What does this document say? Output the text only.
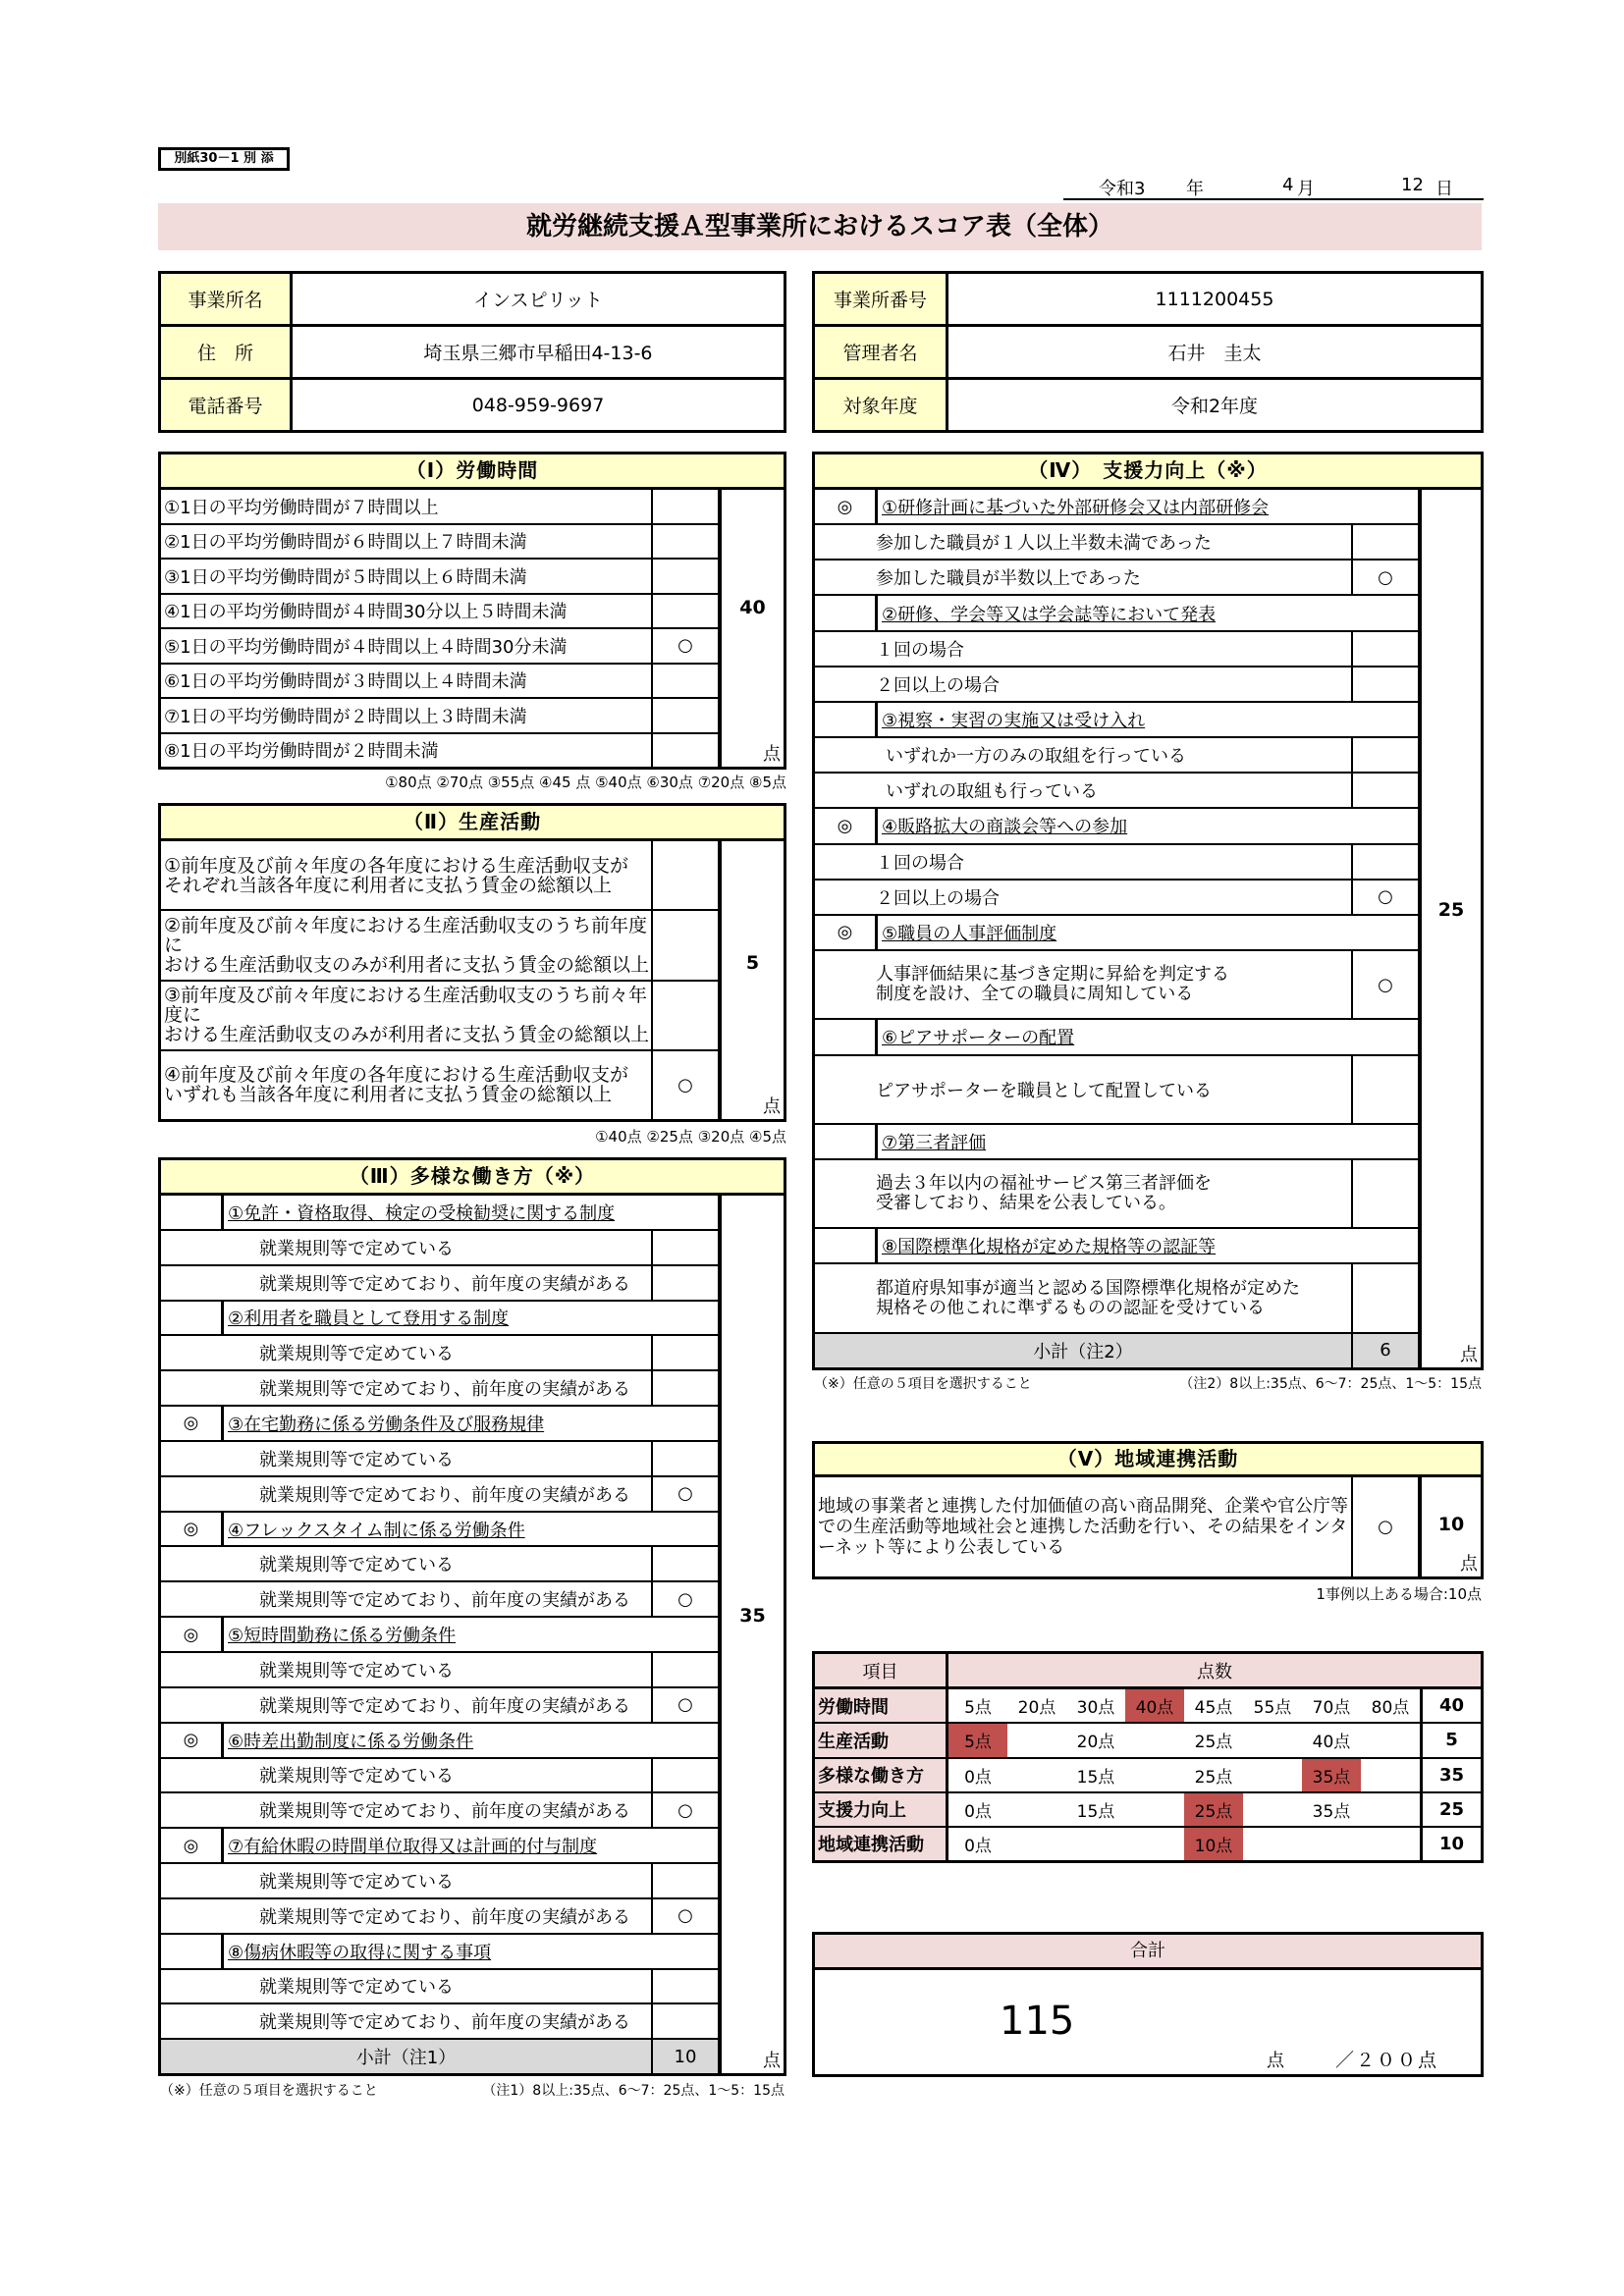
別紙30－1 別 添
令和3 年	4 月	12 日
就労継続支援Ａ型事業所におけるスコア表（全体）
事業所名	インスピリット
住　所	埼玉県三郷市早稲田4-13-6
電話番号	048-959-9697
事業所番号	1111200455
管理者名	石井　圭太
対象年度	令和2年度
（Ⅰ）労働時間
①1日の平均労働時間が７時間以上
②1日の平均労働時間が６時間以上７時間未満
③1日の平均労働時間が５時間以上６時間未満
④1日の平均労働時間が４時間30分以上５時間未満
⑤1日の平均労働時間が４時間以上４時間30分未満	○
⑥1日の平均労働時間が３時間以上４時間未満
⑦1日の平均労働時間が２時間以上３時間未満
⑧1日の平均労働時間が２時間未満
40
点
①80点 ②70点 ③55点 ④45 点 ⑤40点 ⑥30点 ⑦20点 ⑧5点
（Ⅱ）生産活動
①前年度及び前々年度の各年度における生産活動収支が
それぞれ当該各年度に利用者に支払う賃金の総額以上
②前年度及び前々年度における生産活動収支のうち前年度に
おける生産活動収支のみが利用者に支払う賃金の総額以上
③前年度及び前々年度における生産活動収支のうち前々年度に
おける生産活動収支のみが利用者に支払う賃金の総額以上
④前年度及び前々年度の各年度における生産活動収支が
いずれも当該各年度に利用者に支払う賃金の総額以上	○
5
点
①40点 ②25点 ③20点 ④5点
（Ⅲ）多様な働き方（※）
①免許・資格取得、検定の受検勧奨に関する制度
就業規則等で定めている
就業規則等で定めており、前年度の実績がある
②利用者を職員として登用する制度
就業規則等で定めている
就業規則等で定めており、前年度の実績がある
◎	③在宅勤務に係る労働条件及び服務規律
就業規則等で定めている
就業規則等で定めており、前年度の実績がある	○
◎	④フレックスタイム制に係る労働条件
就業規則等で定めている
就業規則等で定めており、前年度の実績がある	○
◎	⑤短時間勤務に係る労働条件
就業規則等で定めている
就業規則等で定めており、前年度の実績がある	○
◎	⑥時差出勤制度に係る労働条件
就業規則等で定めている
就業規則等で定めており、前年度の実績がある	○
◎	⑦有給休暇の時間単位取得又は計画的付与制度
就業規則等で定めている
就業規則等で定めており、前年度の実績がある	○
⑧傷病休暇等の取得に関する事項
就業規則等で定めている
就業規則等で定めており、前年度の実績がある
小計（注1）	10
35
点
（※）任意の５項目を選択すること	（注1）8以上:35点、6～7：25点、1～5：15点
（Ⅳ）　支援力向上（※）
◎	①研修計画に基づいた外部研修会又は内部研修会
参加した職員が１人以上半数未満であった
参加した職員が半数以上であった	○
②研修、学会等又は学会誌等において発表
１回の場合
２回以上の場合
③視察・実習の実施又は受け入れ
いずれか一方のみの取組を行っている
いずれの取組も行っている
◎	④販路拡大の商談会等への参加
１回の場合
２回以上の場合	○
◎	⑤職員の人事評価制度
人事評価結果に基づき定期に昇給を判定する
制度を設け、全ての職員に周知している	○
⑥ピアサポーターの配置
ピアサポーターを職員として配置している
⑦第三者評価
過去３年以内の福祉サービス第三者評価を
受審しており、結果を公表している。
⑧国際標準化規格が定めた規格等の認証等
都道府県知事が適当と認める国際標準化規格が定めた
規格その他これに準ずるものの認証を受けている
小計（注2）	6
25
点
（※）任意の５項目を選択すること	（注2）8以上:35点、6～7：25点、1～5：15点
（Ⅴ）地域連携活動
地域の事業者と連携した付加価値の高い商品開発、企業や官公庁等での生産活動等地域社会と連携した活動を行い、その結果をインターネット等により公表している
○	10
点
1事例以上ある場合:10点
項目	点数
労働時間	5点	20点	30点	40点	45点	55点	70点	80点	40
生産活動	5点	20点	25点	40点	5
多様な働き方	0点	15点	25点	35点	35
支援力向上	0点	15点	25点	35点	25
地域連携活動	0点	10点	10
合計
115
点	／２００点
